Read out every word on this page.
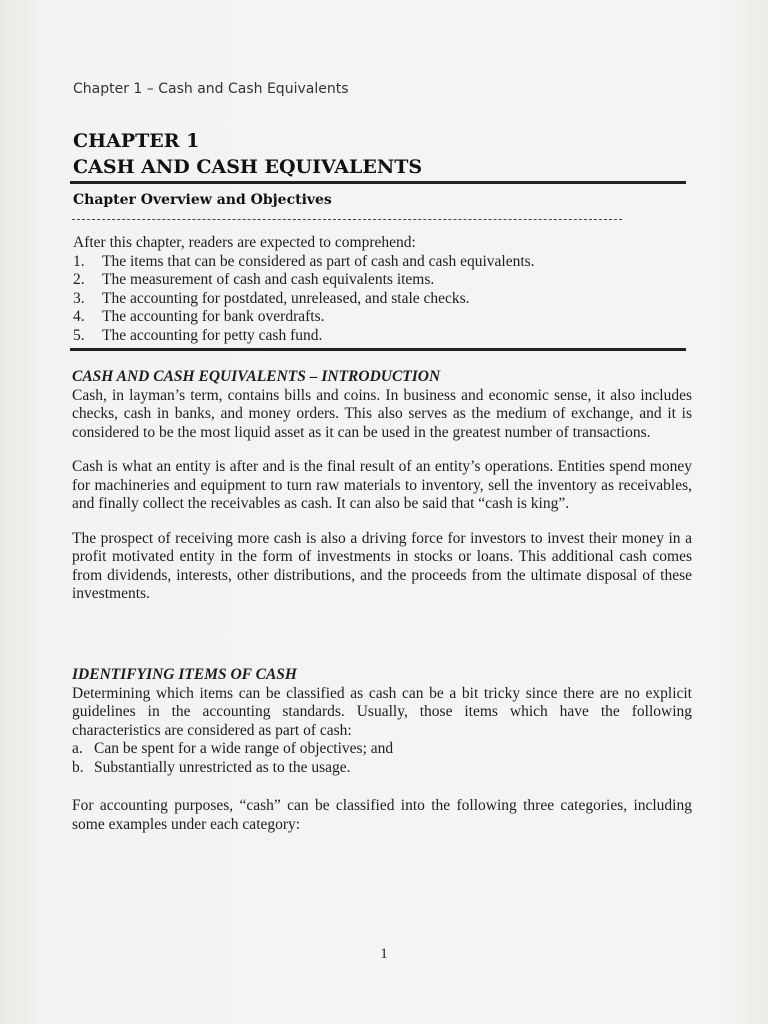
Chapter 1 – Cash and Cash Equivalents
CHAPTER 1
CASH AND CASH EQUIVALENTS
Chapter Overview and Objectives
After this chapter, readers are expected to comprehend:
1.	The items that can be considered as part of cash and cash equivalents.
2.	The measurement of cash and cash equivalents items.
3.	The accounting for postdated, unreleased, and stale checks.
4.	The accounting for bank overdrafts.
5.	The accounting for petty cash fund.
CASH AND CASH EQUIVALENTS – INTRODUCTION

Cash, in layman’s term, contains bills and coins. In business and economic sense, it also includes checks, cash in banks, and money orders. This also serves as the medium of exchange, and it is considered to be the most liquid asset as it can be used in the greatest number of transactions.

Cash is what an entity is after and is the final result of an entity’s operations. Entities spend money for machineries and equipment to turn raw materials to inventory, sell the inventory as receivables, and finally collect the receivables as cash. It can also be said that “cash is king”.

The prospect of receiving more cash is also a driving force for investors to invest their money in a profit motivated entity in the form of investments in stocks or loans. This additional cash comes from dividends, interests, other distributions, and the proceeds from the ultimate disposal of these investments.

IDENTIFYING ITEMS OF CASH

Determining which items can be classified as cash can be a bit tricky since there are no explicit guidelines in the accounting standards. Usually, those items which have the following characteristics are considered as part of cash:

a. Can be spent for a wide range of objectives; and
b. Substantially unrestricted as to the usage.

For accounting purposes, “cash” can be classified into the following three categories, including some examples under each category:

1
